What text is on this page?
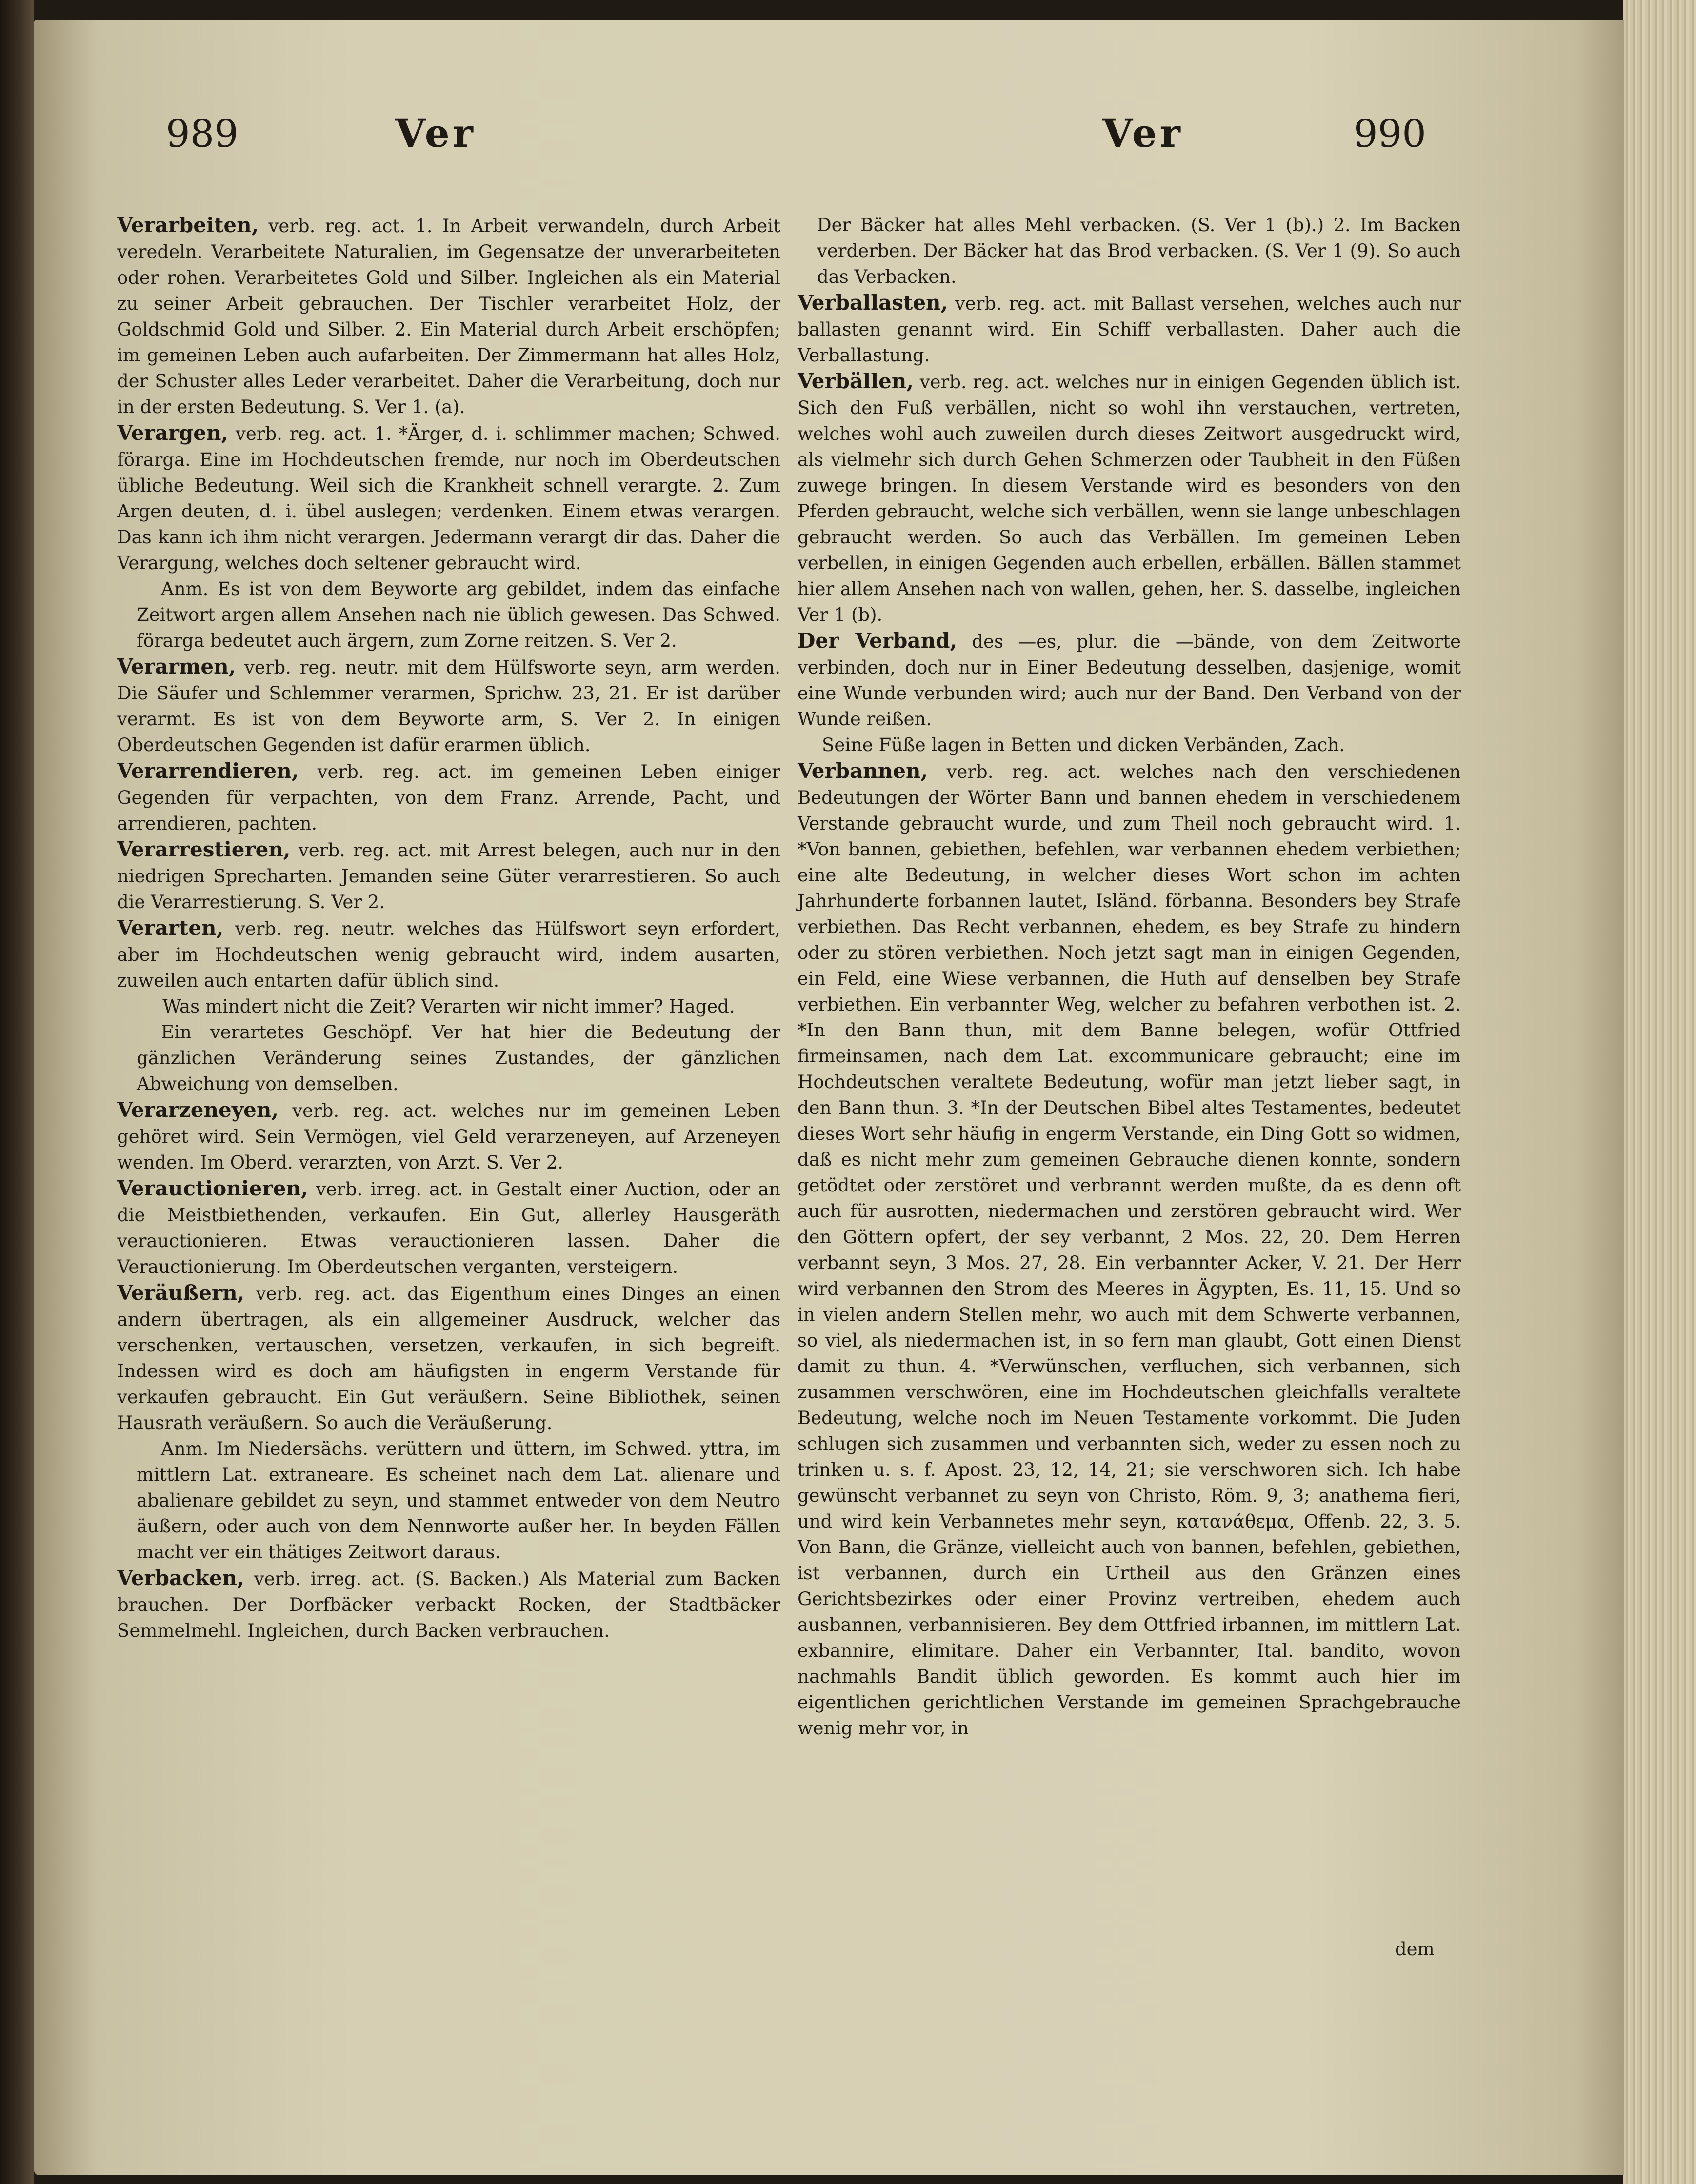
989	Ver	Ver	990
Verarbeiten, verb. reg. act. 1. In Arbeit verwandeln, durch Arbeit veredeln. Verarbeitete Naturalien, im Gegensatze der unverarbeiteten oder rohen. Verarbeitetes Gold und Silber. Ingleichen als ein Material zu seiner Arbeit gebrauchen. Der Tischler verarbeitet Holz, der Goldschmid Gold und Silber. 2. Ein Material durch Arbeit erschöpfen; im gemeinen Leben auch aufarbeiten. Der Zimmermann hat alles Holz, der Schuster alles Leder verarbeitet. Daher die Verarbeitung, doch nur in der ersten Bedeutung. S. Ver 1. (a).
Verargen, verb. reg. act. 1. *Ärger, d. i. schlimmer machen; Schwed. förarga. Eine im Hochdeutschen fremde, nur noch im Oberdeutschen übliche Bedeutung. Weil sich die Krankheit schnell verargte. 2. Zum Argen deuten, d. i. übel auslegen; verdenken. Einem etwas verargen. Das kann ich ihm nicht verargen. Jedermann verargt dir das. Daher die Verargung, welches doch seltener gebraucht wird.
Anm. Es ist von dem Beyworte arg gebildet, indem das einfache Zeitwort argen allem Ansehen nach nie üblich gewesen. Das Schwed. förarga bedeutet auch ärgern, zum Zorne reitzen. S. Ver 2.
Verarmen, verb. reg. neutr. mit dem Hülfsworte seyn, arm werden. Die Säufer und Schlemmer verarmen, Sprichw. 23, 21. Er ist darüber verarmt. Es ist von dem Beyworte arm, S. Ver 2. In einigen Oberdeutschen Gegenden ist dafür erarmen üblich.
Verarrendieren, verb. reg. act. im gemeinen Leben einiger Gegenden für verpachten, von dem Franz. Arrende, Pacht, und arrendieren, pachten.
Verarrestieren, verb. reg. act. mit Arrest belegen, auch nur in den niedrigen Sprecharten. Jemanden seine Güter verarrestieren. So auch die Verarrestierung. S. Ver 2.
Verarten, verb. reg. neutr. welches das Hülfswort seyn erfordert, aber im Hochdeutschen wenig gebraucht wird, indem ausarten, zuweilen auch entarten dafür üblich sind.
Was mindert nicht die Zeit? Verarten wir nicht immer? Haged.
Ein verartetes Geschöpf. Ver hat hier die Bedeutung der gänzlichen Veränderung seines Zustandes, der gänzlichen Abweichung von demselben.
Verarzeneyen, verb. reg. act. welches nur im gemeinen Leben gehöret wird. Sein Vermögen, viel Geld verarzeneyen, auf Arzeneyen wenden. Im Oberd. verarzten, von Arzt. S. Ver 2.
Verauctionieren, verb. irreg. act. in Gestalt einer Auction, oder an die Meistbiethenden, verkaufen. Ein Gut, allerley Hausgeräth verauctionieren. Etwas verauctionieren lassen. Daher die Verauctionierung. Im Oberdeutschen verganten, versteigern.
Veräußern, verb. reg. act. das Eigenthum eines Dinges an einen andern übertragen, als ein allgemeiner Ausdruck, welcher das verschenken, vertauschen, versetzen, verkaufen, in sich begreift. Indessen wird es doch am häufigsten in engerm Verstande für verkaufen gebraucht. Ein Gut veräußern. Seine Bibliothek, seinen Hausrath veräußern. So auch die Veräußerung.
Anm. Im Niedersächs. verüttern und üttern, im Schwed. yttra, im mittlern Lat. extraneare. Es scheinet nach dem Lat. alienare und abalienare gebildet zu seyn, und stammet entweder von dem Neutro äußern, oder auch von dem Nennworte außer her. In beyden Fällen macht ver ein thätiges Zeitwort daraus.
Verbacken, verb. irreg. act. (S. Backen.) Als Material zum Backen brauchen. Der Dorfbäcker verbackt Rocken, der Stadtbäcker Semmelmehl. Ingleichen, durch Backen verbrauchen.
Der Bäcker hat alles Mehl verbacken. (S. Ver 1 (b).) 2. Im Backen verderben. Der Bäcker hat das Brod verbacken. (S. Ver 1 (9). So auch das Verbacken.
Verballasten, verb. reg. act. mit Ballast versehen, welches auch nur ballasten genannt wird. Ein Schiff verballasten. Daher auch die Verballastung.
Verbällen, verb. reg. act. welches nur in einigen Gegenden üblich ist. Sich den Fuß verbällen, nicht so wohl ihn verstauchen, vertreten, welches wohl auch zuweilen durch dieses Zeitwort ausgedruckt wird, als vielmehr sich durch Gehen Schmerzen oder Taubheit in den Füßen zuwege bringen. In diesem Verstande wird es besonders von den Pferden gebraucht, welche sich verbällen, wenn sie lange unbeschlagen gebraucht werden. So auch das Verbällen. Im gemeinen Leben verbellen, in einigen Gegenden auch erbellen, erbällen. Bällen stammet hier allem Ansehen nach von wallen, gehen, her. S. dasselbe, ingleichen Ver 1 (b).
Der Verband, des —es, plur. die —bände, von dem Zeitworte verbinden, doch nur in Einer Bedeutung desselben, dasjenige, womit eine Wunde verbunden wird; auch nur der Band. Den Verband von der Wunde reißen.
Seine Füße lagen in Betten und dicken Verbänden, Zach.
Verbannen, verb. reg. act. welches nach den verschiedenen Bedeutungen der Wörter Bann und bannen ehedem in verschiedenem Verstande gebraucht wurde, und zum Theil noch gebraucht wird. 1. *Von bannen, gebiethen, befehlen, war verbannen ehedem verbiethen; eine alte Bedeutung, in welcher dieses Wort schon im achten Jahrhunderte forbannen lautet, Isländ. förbanna. Besonders bey Strafe verbiethen. Das Recht verbannen, ehedem, es bey Strafe zu hindern oder zu stören verbiethen. Noch jetzt sagt man in einigen Gegenden, ein Feld, eine Wiese verbannen, die Huth auf denselben bey Strafe verbiethen. Ein verbannter Weg, welcher zu befahren verbothen ist. 2. *In den Bann thun, mit dem Banne belegen, wofür Ottfried firmeinsamen, nach dem Lat. excommunicare gebraucht; eine im Hochdeutschen veraltete Bedeutung, wofür man jetzt lieber sagt, in den Bann thun. 3. *In der Deutschen Bibel altes Testamentes, bedeutet dieses Wort sehr häufig in engerm Verstande, ein Ding Gott so widmen, daß es nicht mehr zum gemeinen Gebrauche dienen konnte, sondern getödtet oder zerstöret und verbrannt werden mußte, da es denn oft auch für ausrotten, niedermachen und zerstören gebraucht wird. Wer den Göttern opfert, der sey verbannt, 2 Mos. 22, 20. Dem Herren verbannt seyn, 3 Mos. 27, 28. Ein verbannter Acker, V. 21. Der Herr wird verbannen den Strom des Meeres in Ägypten, Es. 11, 15. Und so in vielen andern Stellen mehr, wo auch mit dem Schwerte verbannen, so viel, als niedermachen ist, in so fern man glaubt, Gott einen Dienst damit zu thun. 4. *Verwünschen, verfluchen, sich verbannen, sich zusammen verschwören, eine im Hochdeutschen gleichfalls veraltete Bedeutung, welche noch im Neuen Testamente vorkommt. Die Juden schlugen sich zusammen und verbannten sich, weder zu essen noch zu trinken u. s. f. Apost. 23, 12, 14, 21; sie verschworen sich. Ich habe gewünscht verbannet zu seyn von Christo, Röm. 9, 3; anathema fieri, und wird kein Verbannetes mehr seyn, κατανάθεμα, Offenb. 22, 3. 5. Von Bann, die Gränze, vielleicht auch von bannen, befehlen, gebiethen, ist verbannen, durch ein Urtheil aus den Gränzen eines Gerichtsbezirkes oder einer Provinz vertreiben, ehedem auch ausbannen, verbannisieren. Bey dem Ottfried irbannen, im mittlern Lat. exbannire, elimitare. Daher ein Verbannter, Ital. bandito, wovon nachmahls Bandit üblich geworden. Es kommt auch hier im eigentlichen gerichtlichen Verstande im gemeinen Sprachgebrauche wenig mehr vor, in
dem
